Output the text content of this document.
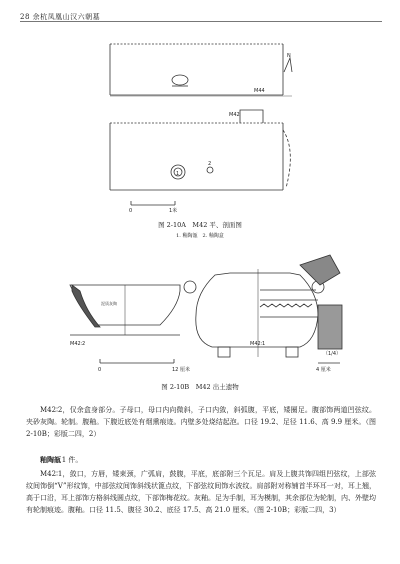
28 余杭凤凰山汉六朝墓
M44
M42
1
2
N
0	1米
图 2-10A　M42 平、剖面图
1. 釉陶瓿　2. 釉陶盒
泥质灰陶
M42∶2	M42∶1
（1/4）
0	12 厘米	4 厘米
图 2-10B　M42 出土遗物
M42∶2，仅余盒身部分。子母口，母口内向微斜，子口内敛，斜弧腹，平底，矮圈足。腹部饰两道凹弦纹。夹砂灰陶。轮制。腹釉。下腹近底处有烟熏痕迹。内壁多处烧结起泡。口径 19.2、足径 11.6、高 9.9 厘米。（图 2-10B；彩版二四，2）
釉陶瓿 1 件。
M42∶1，敛口，方唇，矮束颈，广弧肩，鼓腹，平底，底部附三个瓦足。肩及上腹共饰四组凹弦纹，上部弦纹间饰倒“V”形纹饰，中部弦纹间饰斜线状篦点纹，下部弦纹间饰水波纹。肩部附对称铺首半环耳一对，耳上翘，高于口沿，耳上部饰方格斜线圆点纹，下部饰梅花纹。灰釉。足为手制，耳为模制，其余部位为轮制，内、外壁均有轮制痕迹。腹釉。口径 11.5、腹径 30.2、底径 17.5、高 21.0 厘米。（图 2-10B；彩版二四，3）
